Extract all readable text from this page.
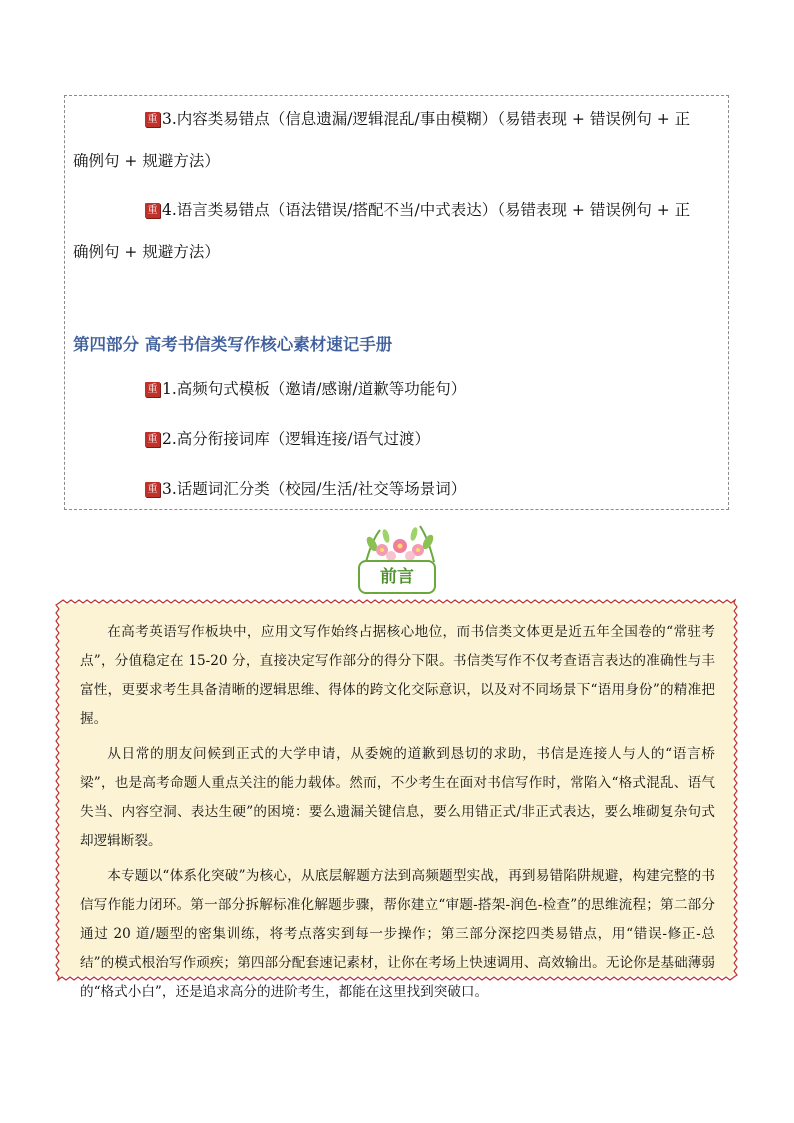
重 3.内容类易错点（信息遗漏/逻辑混乱/事由模糊）（易错表现 + 错误例句 + 正
确例句 + 规避方法）
重 4.语言类易错点（语法错误/搭配不当/中式表达）（易错表现 + 错误例句 + 正
确例句 + 规避方法）
第四部分 高考书信类写作核心素材速记手册
重 1.高频句式模板（邀请/感谢/道歉等功能句）
重 2.高分衔接词库（逻辑连接/语气过渡）
重 3.话题词汇分类（校园/生活/社交等场景词）
前言

在高考英语写作板块中，应用文写作始终占据核心地位，而书信类文体更是近五年全国卷的“常驻考点”，分值稳定在 15-20 分，直接决定写作部分的得分下限。书信类写作不仅考查语言表达的准确性与丰富性，更要求考生具备清晰的逻辑思维、得体的跨文化交际意识，以及对不同场景下“语用身份”的精准把握。

从日常的朋友问候到正式的大学申请，从委婉的道歉到恳切的求助，书信是连接人与人的“语言桥梁”，也是高考命题人重点关注的能力载体。然而，不少考生在面对书信写作时，常陷入“格式混乱、语气失当、内容空洞、表达生硬”的困境：要么遗漏关键信息，要么用错正式/非正式表达，要么堆砌复杂句式却逻辑断裂。

本专题以“体系化突破”为核心，从底层解题方法到高频题型实战，再到易错陷阱规避，构建完整的书信写作能力闭环。第一部分拆解标准化解题步骤，帮你建立“审题-搭架-润色-检查”的思维流程；第二部分通过 20 道/题型的密集训练，将考点落实到每一步操作；第三部分深挖四类易错点，用“错误-修正-总结”的模式根治写作顽疾；第四部分配套速记素材，让你在考场上快速调用、高效输出。无论你是基础薄弱的“格式小白”，还是追求高分的进阶考生，都能在这里找到突破口。
